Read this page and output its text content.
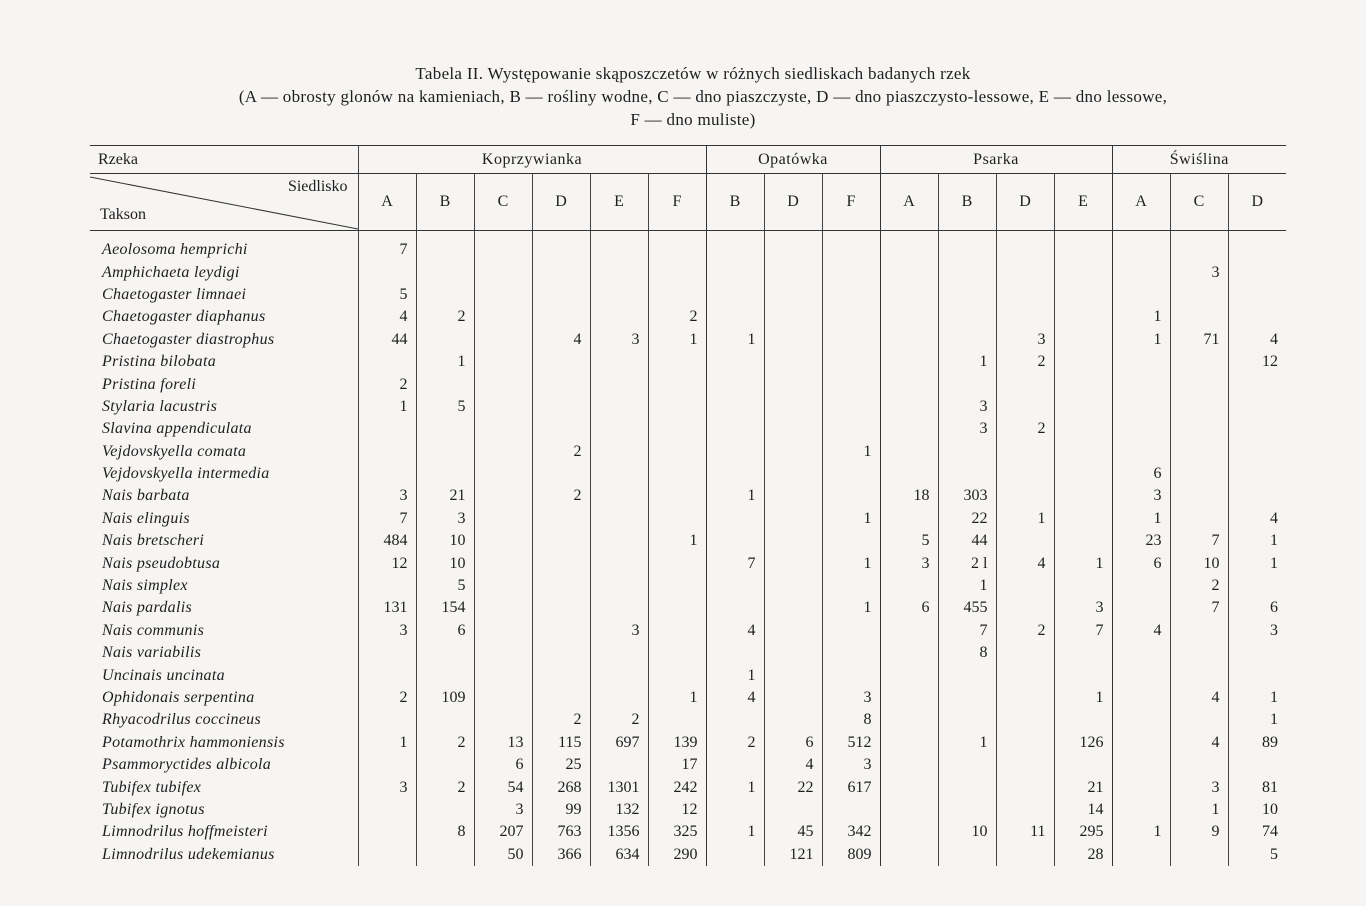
Tabela II. Występowanie skąposzczetów w różnych siedliskach badanych rzek
(A — obrosty glonów na kamieniach, B — rośliny wodne, C — dno piaszczyste, D — dno piaszczysto-lessowe, E — dno lessowe,
F — dno muliste)
Rzeka	Koprzywianka						Opatówka			Psarka				Świślina		

Siedlisko
Takson	A	B	C	D	E	F	B	D	F	A	B	D	E	A	C	D
Aeolosoma hemprichi	7															
Amphichaeta leydigi															3	
Chaetogaster limnaei	5															
Chaetogaster diaphanus	4	2				2								1		
Chaetogaster diastrophus	44			4	3	1	1					3		1	71	4
Pristina bilobata		1									1	2				12
Pristina foreli	2															
Stylaria lacustris	1	5									3					
Slavina appendiculata											3	2				
Vejdovskyella comata				2					1							
Vejdovskyella intermedia														6		
Nais barbata	3	21		2			1			18	303			3		
Nais elinguis	7	3							1		22	1		1		4
Nais bretscheri	484	10				1				5	44			23	7	1
Nais pseudobtusa	12	10					7		1	3	2 l	4	1	6	10	1
Nais simplex		5									1				2	
Nais pardalis	131	154							1	6	455		3		7	6
Nais communis	3	6			3		4				7	2	7	4		3
Nais variabilis											8					
Uncinais uncinata							1									
Ophidonais serpentina	2	109				1	4		3				1		4	1
Rhyacodrilus coccineus				2	2				8							1
Potamothrix hammoniensis	1	2	13	115	697	139	2	6	512		1		126		4	89
Psammoryctides albicola			6	25		17		4	3							
Tubifex tubifex	3	2	54	268	1301	242	1	22	617				21		3	81
Tubifex ignotus			3	99	132	12							14		1	10
Limnodrilus hoffmeisteri		8	207	763	1356	325	1	45	342		10	11	295	1	9	74
Limnodrilus udekemianus			50	366	634	290		121	809				28			5
